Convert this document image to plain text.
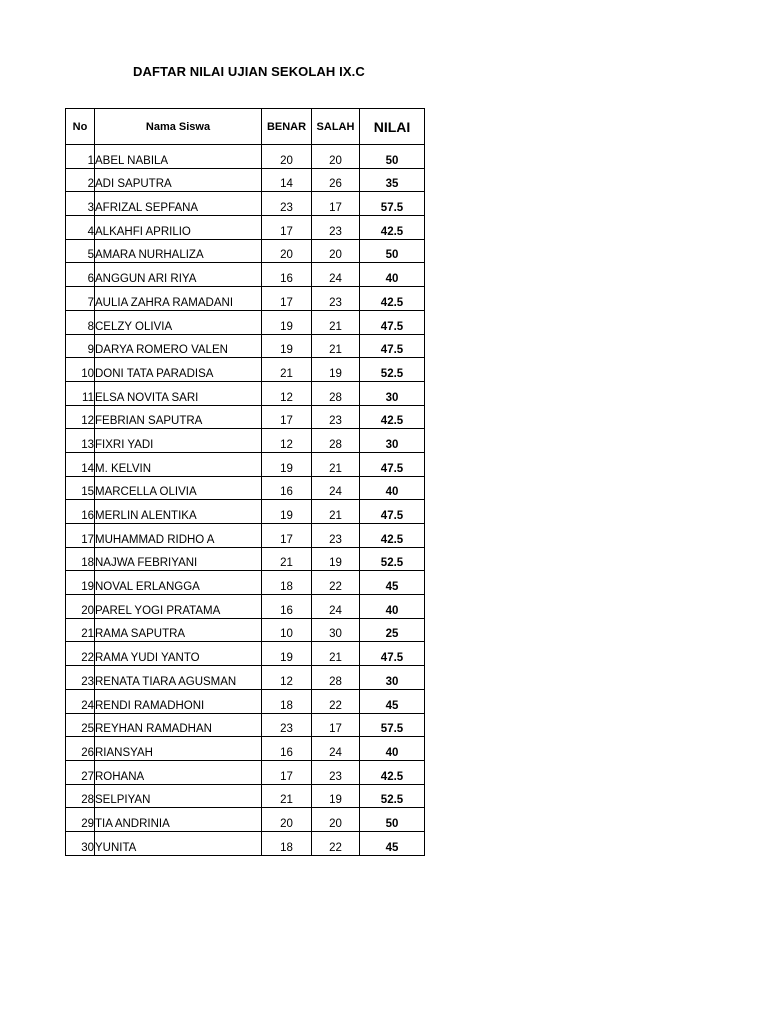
DAFTAR NILAI UJIAN SEKOLAH IX.C
No	Nama Siswa	BENAR	SALAH	NILAI
1	ABEL NABILA	20	20	50
2	ADI SAPUTRA	14	26	35
3	AFRIZAL SEPFANA	23	17	57.5
4	ALKAHFI APRILIO	17	23	42.5
5	AMARA NURHALIZA	20	20	50
6	ANGGUN ARI RIYA	16	24	40
7	AULIA ZAHRA RAMADANI	17	23	42.5
8	CELZY OLIVIA	19	21	47.5
9	DARYA ROMERO VALEN	19	21	47.5
10	DONI TATA PARADISA	21	19	52.5
11	ELSA NOVITA SARI	12	28	30
12	FEBRIAN SAPUTRA	17	23	42.5
13	FIXRI YADI	12	28	30
14	M. KELVIN	19	21	47.5
15	MARCELLA OLIVIA	16	24	40
16	MERLIN ALENTIKA	19	21	47.5
17	MUHAMMAD RIDHO A	17	23	42.5
18	NAJWA FEBRIYANI	21	19	52.5
19	NOVAL ERLANGGA	18	22	45
20	PAREL YOGI PRATAMA	16	24	40
21	RAMA SAPUTRA	10	30	25
22	RAMA YUDI YANTO	19	21	47.5
23	RENATA TIARA AGUSMAN	12	28	30
24	RENDI RAMADHONI	18	22	45
25	REYHAN RAMADHAN	23	17	57.5
26	RIANSYAH	16	24	40
27	ROHANA	17	23	42.5
28	SELPIYAN	21	19	52.5
29	TIA ANDRINIA	20	20	50
30	YUNITA	18	22	45
